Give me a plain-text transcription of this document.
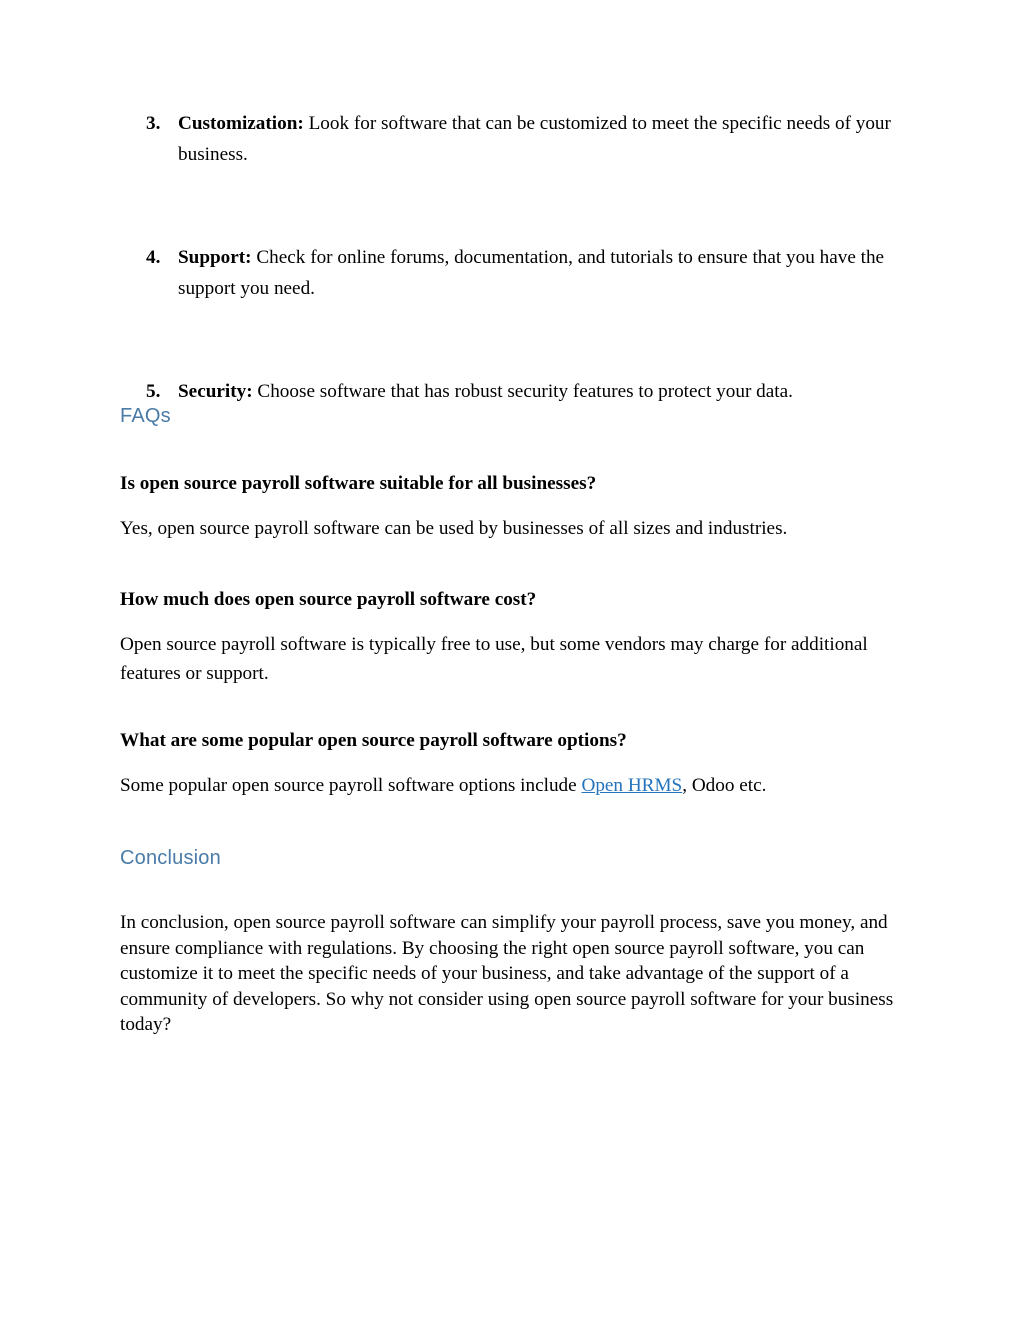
3. Customization: Look for software that can be customized to meet the specific needs of your business.
4. Support: Check for online forums, documentation, and tutorials to ensure that you have the support you need.
5. Security: Choose software that has robust security features to protect your data.
FAQs

Is open source payroll software suitable for all businesses?

Yes, open source payroll software can be used by businesses of all sizes and industries.

How much does open source payroll software cost?

Open source payroll software is typically free to use, but some vendors may charge for additional features or support.

What are some popular open source payroll software options?

Some popular open source payroll software options include Open HRMS, Odoo etc.

Conclusion

In conclusion, open source payroll software can simplify your payroll process, save you money, and ensure compliance with regulations. By choosing the right open source payroll software, you can customize it to meet the specific needs of your business, and take advantage of the support of a community of developers. So why not consider using open source payroll software for your business today?
